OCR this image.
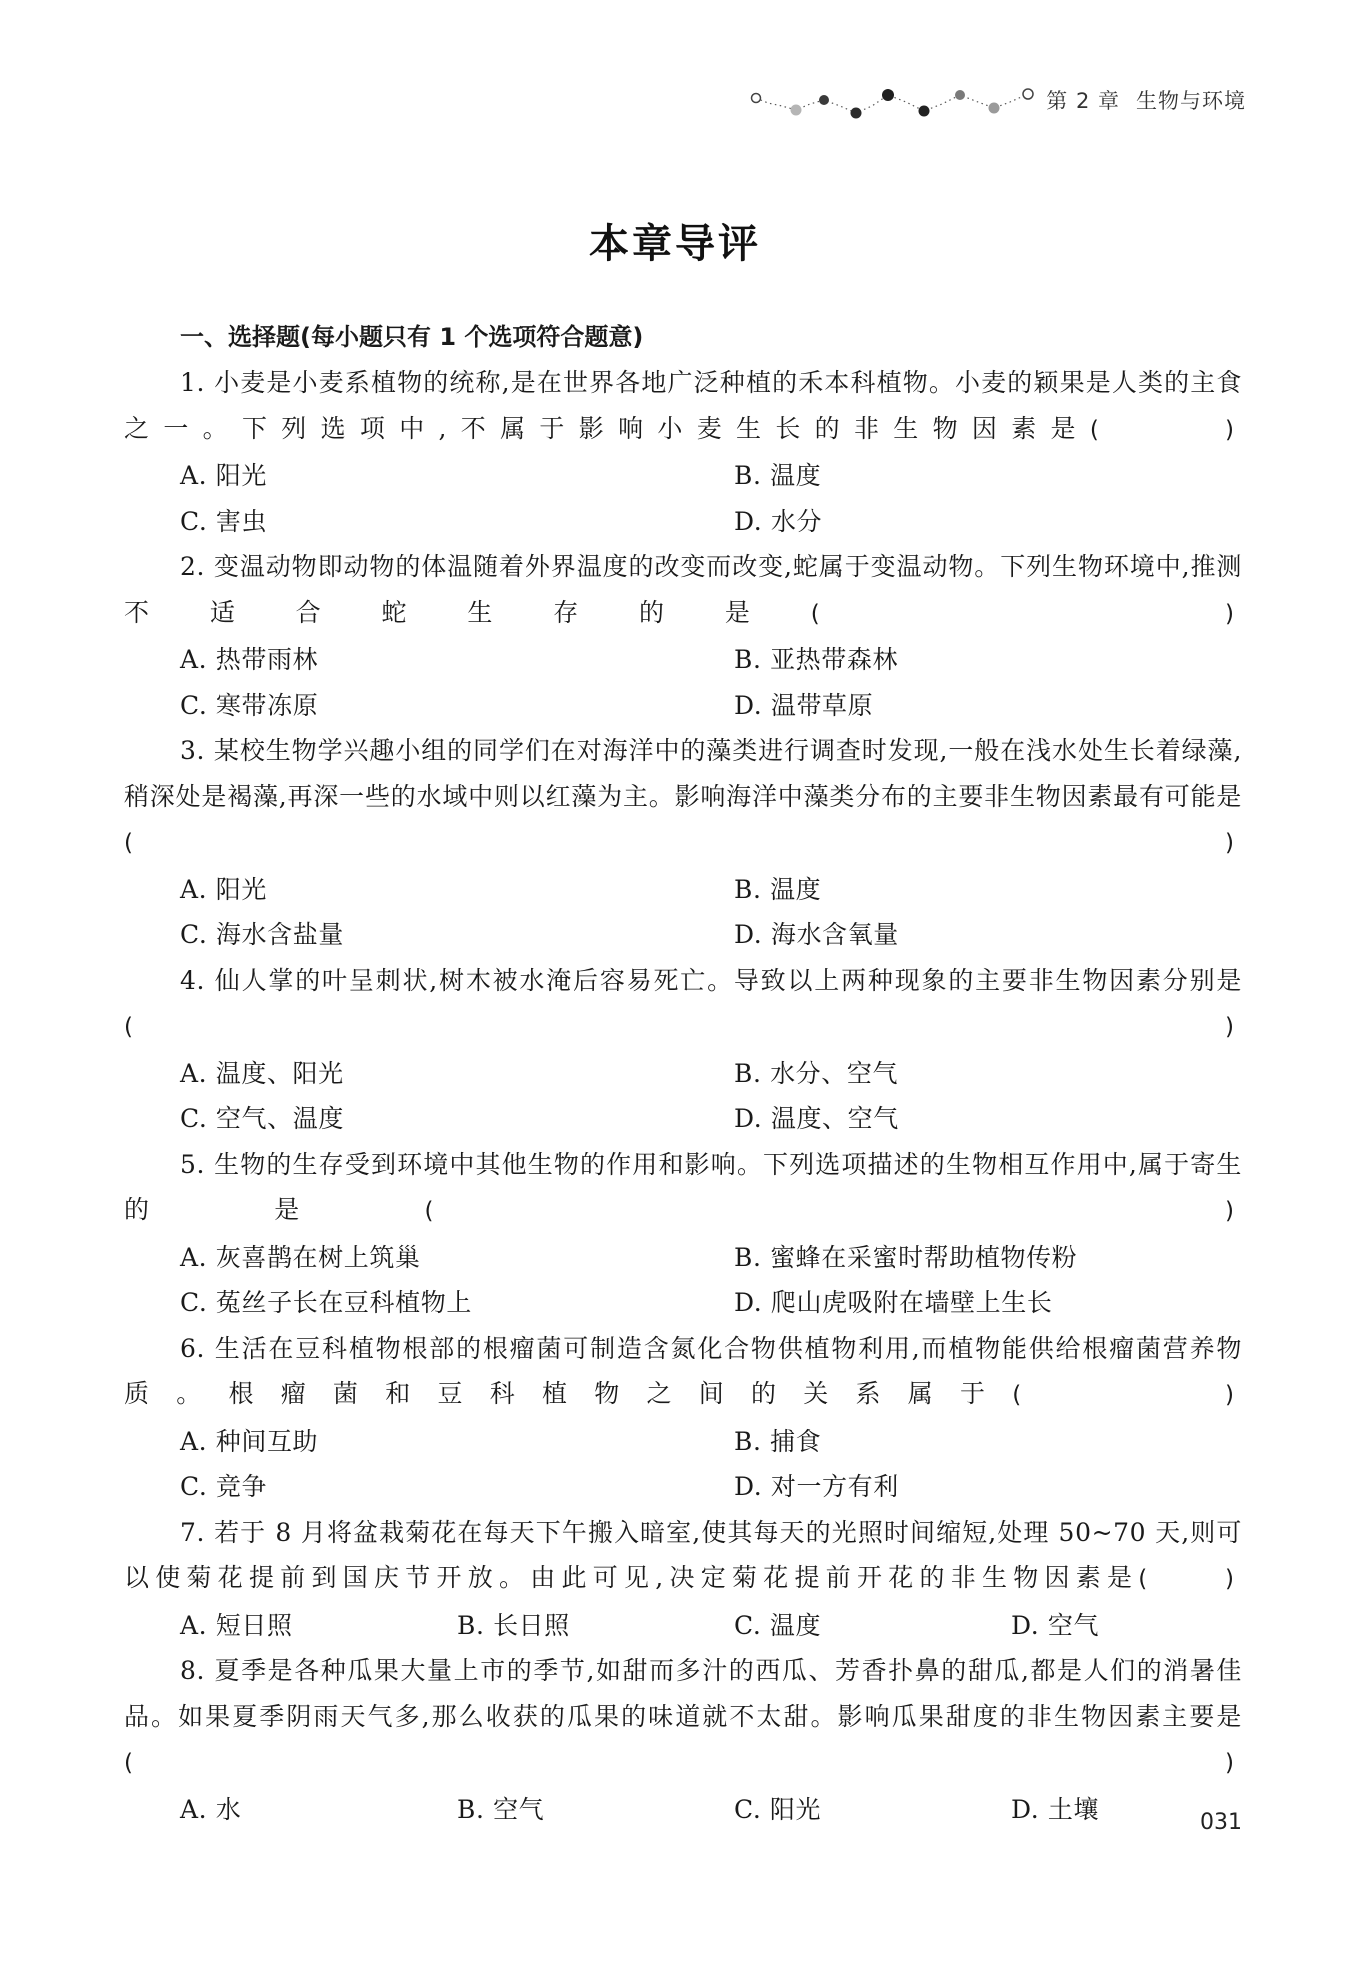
第 2 章 生物与环境
本章导评
一、选择题(每小题只有 1 个选项符合题意)
1. 小麦是小麦系植物的统称,是在世界各地广泛种植的禾本科植物。小麦的颖果是人类的主食之一。下列选项中,不属于影响小麦生长的非生物因素是(      )
A. 阳光	B. 温度
C. 害虫	D. 水分
2. 变温动物即动物的体温随着外界温度的改变而改变,蛇属于变温动物。下列生物环境中,推测不适合蛇生存的是(      )
A. 热带雨林	B. 亚热带森林
C. 寒带冻原	D. 温带草原
3. 某校生物学兴趣小组的同学们在对海洋中的藻类进行调查时发现,一般在浅水处生长着绿藻,稍深处是褐藻,再深一些的水域中则以红藻为主。影响海洋中藻类分布的主要非生物因素最有可能是(      )
A. 阳光	B. 温度
C. 海水含盐量	D. 海水含氧量
4. 仙人掌的叶呈刺状,树木被水淹后容易死亡。导致以上两种现象的主要非生物因素分别是(      )
A. 温度、阳光	B. 水分、空气
C. 空气、温度	D. 温度、空气
5. 生物的生存受到环境中其他生物的作用和影响。下列选项描述的生物相互作用中,属于寄生的是(      )
A. 灰喜鹊在树上筑巢	B. 蜜蜂在采蜜时帮助植物传粉
C. 菟丝子长在豆科植物上	D. 爬山虎吸附在墙壁上生长
6. 生活在豆科植物根部的根瘤菌可制造含氮化合物供植物利用,而植物能供给根瘤菌营养物质。根瘤菌和豆科植物之间的关系属于(      )
A. 种间互助	B. 捕食
C. 竞争	D. 对一方有利
7. 若于 8 月将盆栽菊花在每天下午搬入暗室,使其每天的光照时间缩短,处理 50~70 天,则可以使菊花提前到国庆节开放。由此可见,决定菊花提前开花的非生物因素是(      )
A. 短日照	B. 长日照	C. 温度	D. 空气
8. 夏季是各种瓜果大量上市的季节,如甜而多汁的西瓜、芳香扑鼻的甜瓜,都是人们的消暑佳品。如果夏季阴雨天气多,那么收获的瓜果的味道就不太甜。影响瓜果甜度的非生物因素主要是(      )
A. 水	B. 空气	C. 阳光	D. 土壤	031
